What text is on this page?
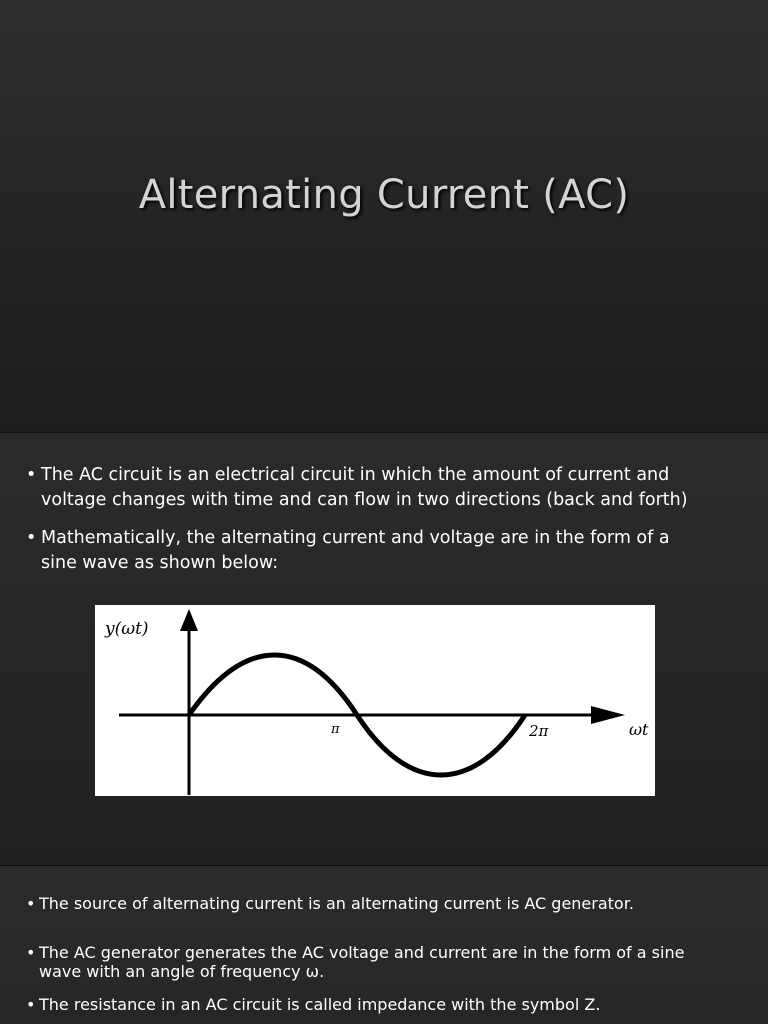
Alternating Current (AC)
• The AC circuit is an electrical circuit in which the amount of current and voltage changes with time and can flow in two directions (back and forth)
• Mathematically, the alternating current and voltage are in the form of a sine wave as shown below:
y(ωt)
ωt
π	2π
• The source of alternating current is an alternating current is AC generator.
• The AC generator generates the AC voltage and current are in the form of a sine wave with an angle of frequency ω.
• The resistance in an AC circuit is called impedance with the symbol Z.
